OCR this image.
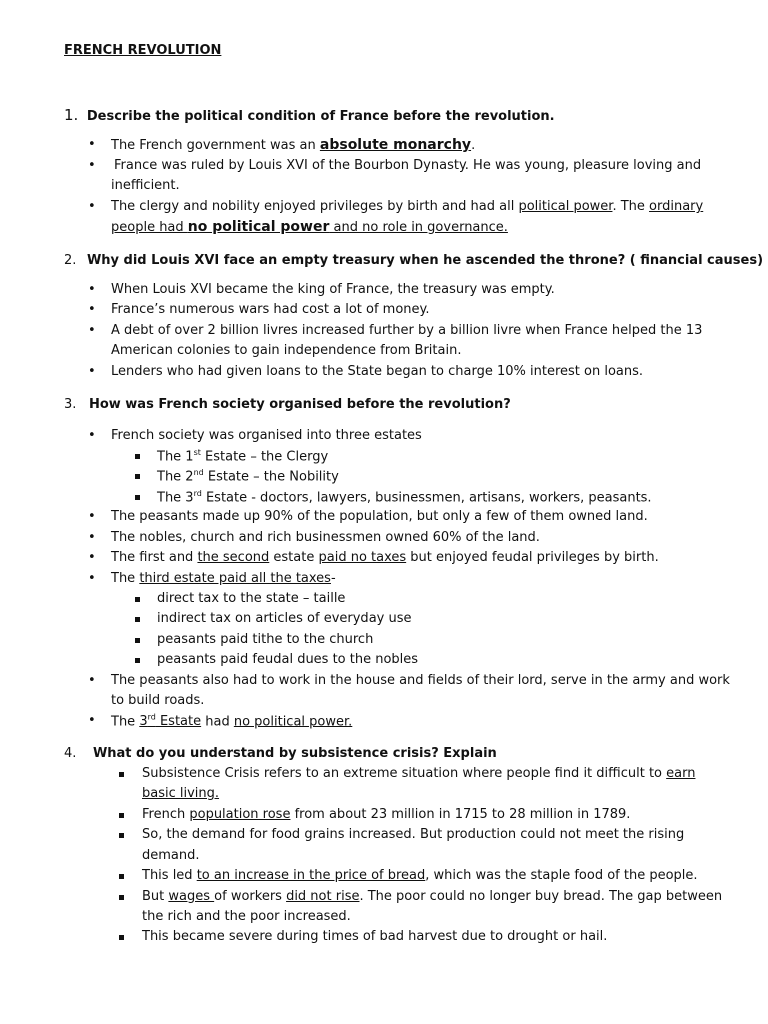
FRENCH REVOLUTION
1. Describe the political condition of France before the revolution.
• The French government was an absolute monarchy.
• France was ruled by Louis XVI of the Bourbon Dynasty. He was young, pleasure loving and
inefficient.
• The clergy and nobility enjoyed privileges by birth and had all political power. The ordinary
people had no political power and no role in governance.
2. Why did Louis XVI face an empty treasury when he ascended the throne? ( financial causes)
• When Louis XVI became the king of France, the treasury was empty.
• France’s numerous wars had cost a lot of money.
• A debt of over 2 billion livres increased further by a billion livre when France helped the 13
American colonies to gain independence from Britain.
• Lenders who had given loans to the State began to charge 10% interest on loans.
3. How was French society organised before the revolution?
• French society was organised into three estates
The 1st Estate – the Clergy
The 2nd Estate – the Nobility
The 3rd Estate - doctors, lawyers, businessmen, artisans, workers, peasants.
• The peasants made up 90% of the population, but only a few of them owned land.
• The nobles, church and rich businessmen owned 60% of the land.
• The first and the second estate paid no taxes but enjoyed feudal privileges by birth.
• The third estate paid all the taxes-
direct tax to the state – taille
indirect tax on articles of everyday use
peasants paid tithe to the church
peasants paid feudal dues to the nobles
• The peasants also had to work in the house and fields of their lord, serve in the army and work
to build roads.
• The 3rd Estate had no political power.
4. What do you understand by subsistence crisis? Explain
Subsistence Crisis refers to an extreme situation where people find it difficult to earn
basic living.
French population rose from about 23 million in 1715 to 28 million in 1789.
So, the demand for food grains increased. But production could not meet the rising
demand.
This led to an increase in the price of bread, which was the staple food of the people.
But wages of workers did not rise. The poor could no longer buy bread. The gap between
the rich and the poor increased.
This became severe during times of bad harvest due to drought or hail.
